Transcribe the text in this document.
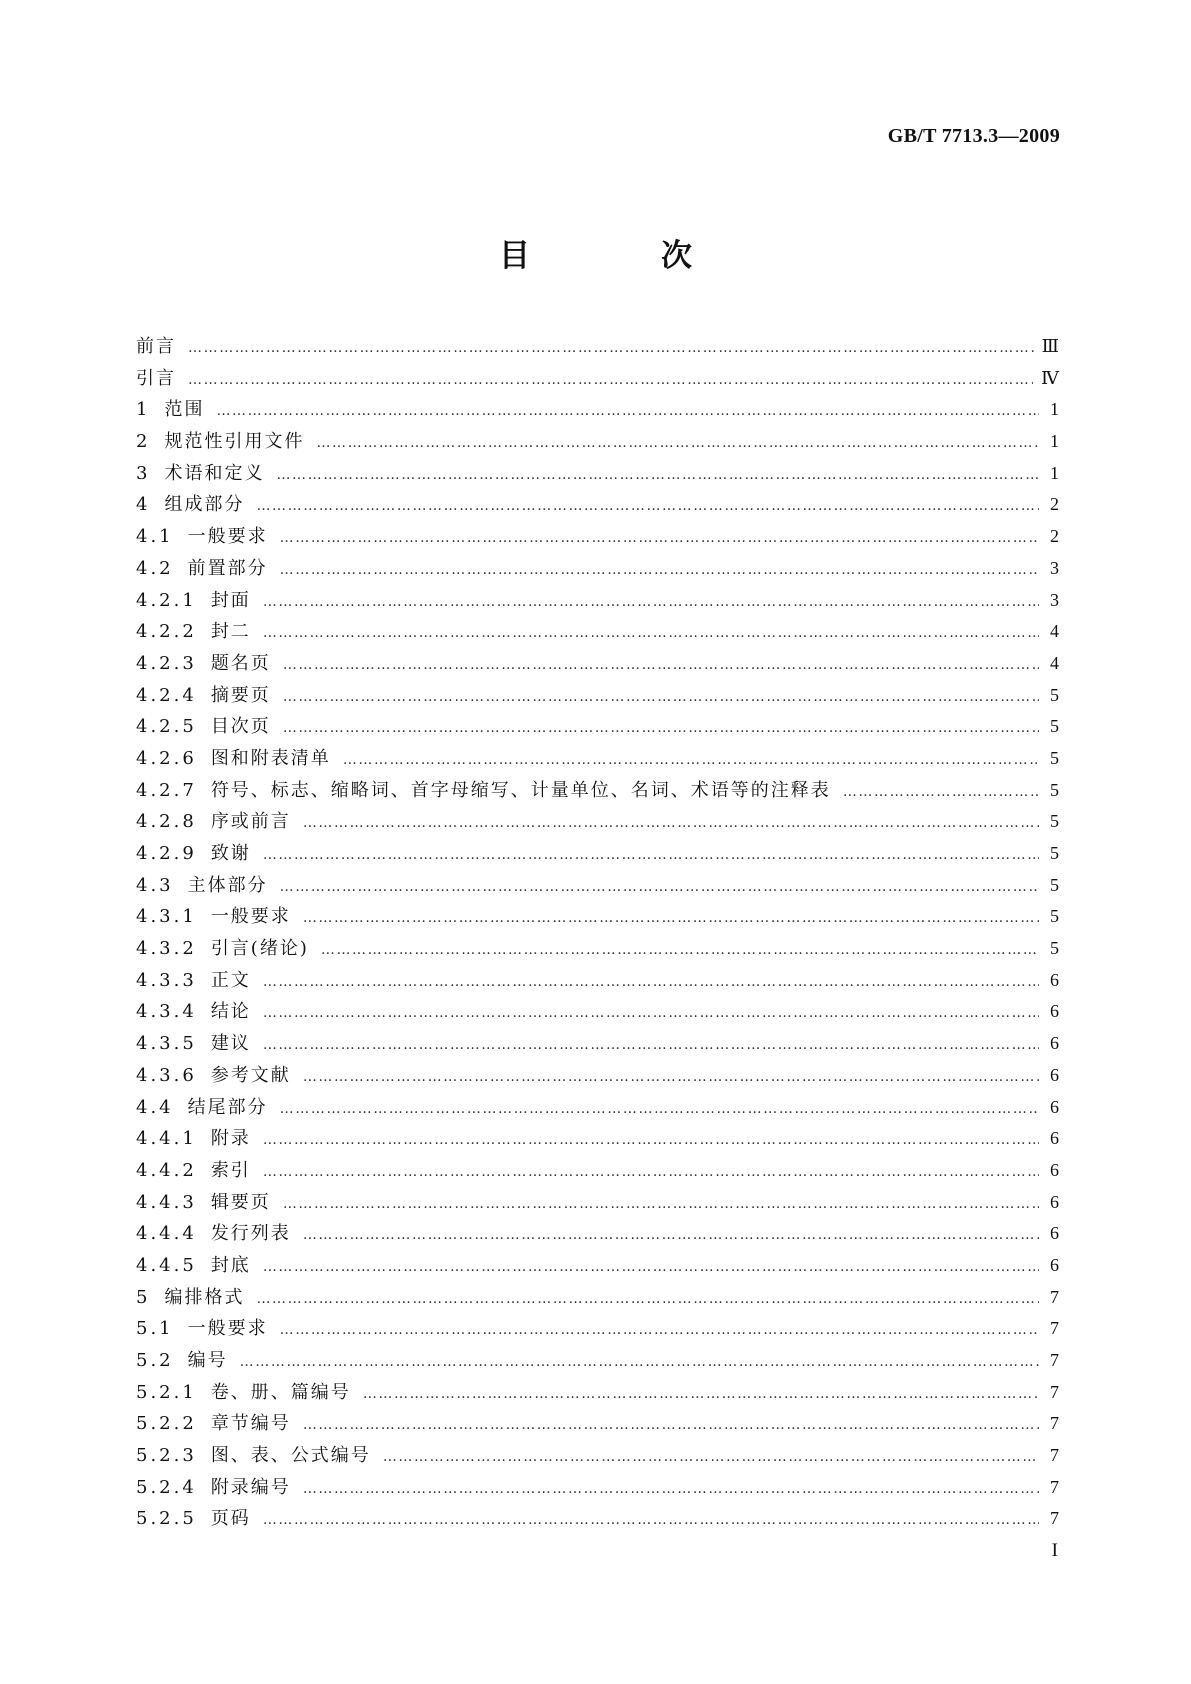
GB/T 7713.3—2009
目　次
前言 ……………………………………………………………………………………………………………………………………………………………………………………………………………………………………………………………………………………………………	Ⅲ
引言 ……………………………………………………………………………………………………………………………………………………………………………………………………………………………………………………………………………………………………	Ⅳ
1 范围 ……………………………………………………………………………………………………………………………………………………………………………………………………………………………………………………………………………………………………	1
2 规范性引用文件 ……………………………………………………………………………………………………………………………………………………………………………………………………………………………………………………………………………………………………	1
3 术语和定义 ……………………………………………………………………………………………………………………………………………………………………………………………………………………………………………………………………………………………………	1
4 组成部分 ……………………………………………………………………………………………………………………………………………………………………………………………………………………………………………………………………………………………………	2
4.1 一般要求 ……………………………………………………………………………………………………………………………………………………………………………………………………………………………………………………………………………………………………	2
4.2 前置部分 ……………………………………………………………………………………………………………………………………………………………………………………………………………………………………………………………………………………………………	3
4.2.1 封面 ……………………………………………………………………………………………………………………………………………………………………………………………………………………………………………………………………………………………………	3
4.2.2 封二 ……………………………………………………………………………………………………………………………………………………………………………………………………………………………………………………………………………………………………	4
4.2.3 题名页 ……………………………………………………………………………………………………………………………………………………………………………………………………………………………………………………………………………………………………	4
4.2.4 摘要页 ……………………………………………………………………………………………………………………………………………………………………………………………………………………………………………………………………………………………………	5
4.2.5 目次页 ……………………………………………………………………………………………………………………………………………………………………………………………………………………………………………………………………………………………………	5
4.2.6 图和附表清单 ……………………………………………………………………………………………………………………………………………………………………………………………………………………………………………………………………………………………………	5
4.2.7 符号、标志、缩略词、首字母缩写、计量单位、名词、术语等的注释表 ……………………………………………………………………………………………………………………………………………………………………………………………………………………………………………………………………………………………………	5
4.2.8 序或前言 ……………………………………………………………………………………………………………………………………………………………………………………………………………………………………………………………………………………………………	5
4.2.9 致谢 ……………………………………………………………………………………………………………………………………………………………………………………………………………………………………………………………………………………………………	5
4.3 主体部分 ……………………………………………………………………………………………………………………………………………………………………………………………………………………………………………………………………………………………………	5
4.3.1 一般要求 ……………………………………………………………………………………………………………………………………………………………………………………………………………………………………………………………………………………………………	5
4.3.2 引言(绪论) ……………………………………………………………………………………………………………………………………………………………………………………………………………………………………………………………………………………………………	5
4.3.3 正文 ……………………………………………………………………………………………………………………………………………………………………………………………………………………………………………………………………………………………………	6
4.3.4 结论 ……………………………………………………………………………………………………………………………………………………………………………………………………………………………………………………………………………………………………	6
4.3.5 建议 ……………………………………………………………………………………………………………………………………………………………………………………………………………………………………………………………………………………………………	6
4.3.6 参考文献 ……………………………………………………………………………………………………………………………………………………………………………………………………………………………………………………………………………………………………	6
4.4 结尾部分 ……………………………………………………………………………………………………………………………………………………………………………………………………………………………………………………………………………………………………	6
4.4.1 附录 ……………………………………………………………………………………………………………………………………………………………………………………………………………………………………………………………………………………………………	6
4.4.2 索引 ……………………………………………………………………………………………………………………………………………………………………………………………………………………………………………………………………………………………………	6
4.4.3 辑要页 ……………………………………………………………………………………………………………………………………………………………………………………………………………………………………………………………………………………………………	6
4.4.4 发行列表 ……………………………………………………………………………………………………………………………………………………………………………………………………………………………………………………………………………………………………	6
4.4.5 封底 ……………………………………………………………………………………………………………………………………………………………………………………………………………………………………………………………………………………………………	6
5 编排格式 ……………………………………………………………………………………………………………………………………………………………………………………………………………………………………………………………………………………………………	7
5.1 一般要求 ……………………………………………………………………………………………………………………………………………………………………………………………………………………………………………………………………………………………………	7
5.2 编号 ……………………………………………………………………………………………………………………………………………………………………………………………………………………………………………………………………………………………………	7
5.2.1 卷、册、篇编号 ……………………………………………………………………………………………………………………………………………………………………………………………………………………………………………………………………………………………………	7
5.2.2 章节编号 ……………………………………………………………………………………………………………………………………………………………………………………………………………………………………………………………………………………………………	7
5.2.3 图、表、公式编号 ……………………………………………………………………………………………………………………………………………………………………………………………………………………………………………………………………………………………………	7
5.2.4 附录编号 ……………………………………………………………………………………………………………………………………………………………………………………………………………………………………………………………………………………………………	7
5.2.5 页码 ……………………………………………………………………………………………………………………………………………………………………………………………………………………………………………………………………………………………………	7
I
